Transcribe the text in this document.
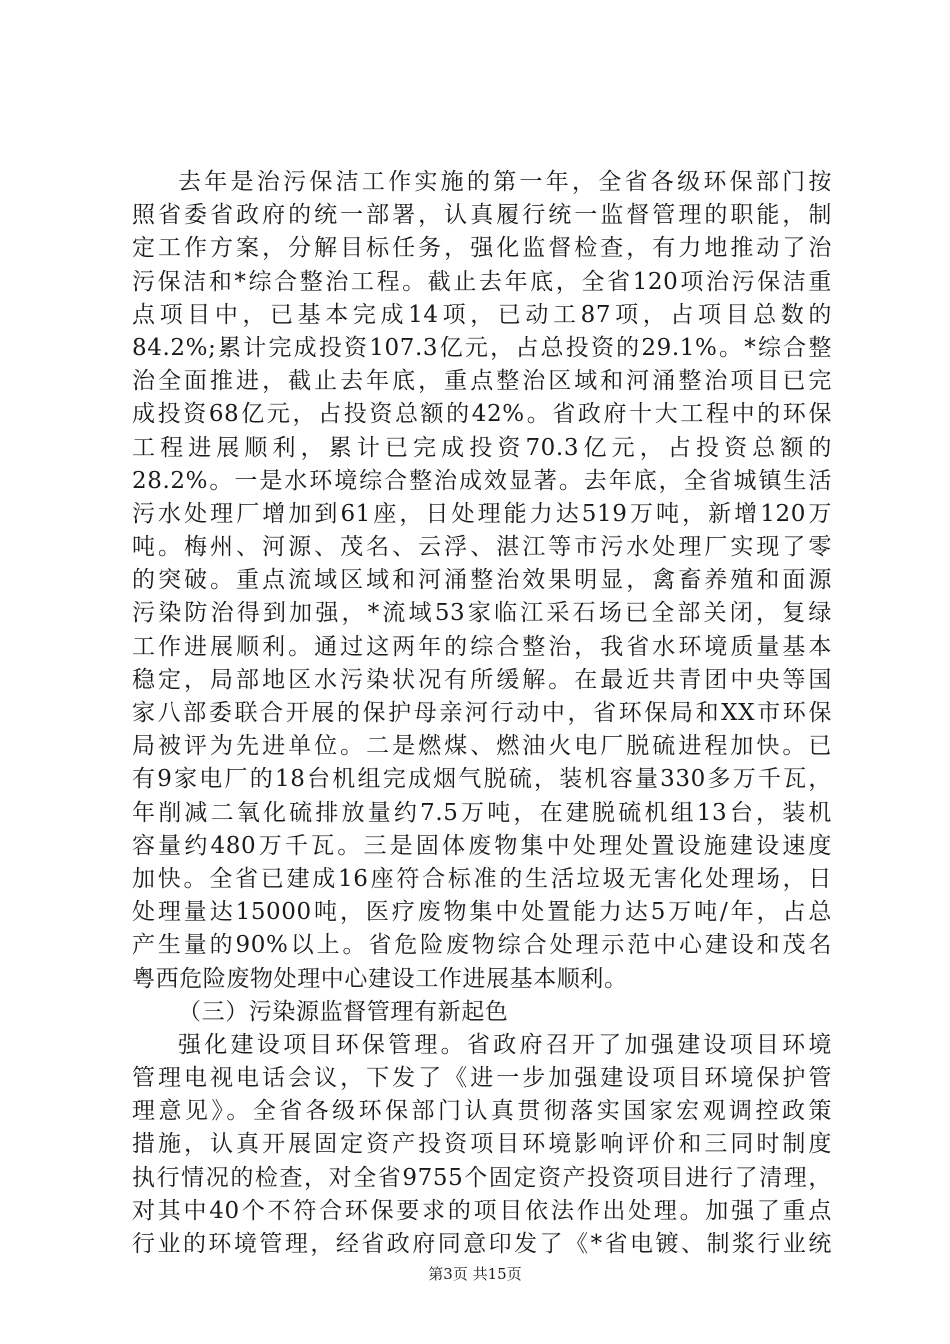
去年是治污保洁工作实施的第一年，全省各级环保部门按
照省委省政府的统一部署，认真履行统一监督管理的职能，制
定工作方案，分解目标任务，强化监督检查，有力地推动了治
污保洁和*综合整治工程。截止去年底，全省120项治污保洁重
点项目中，已基本完成14项，已动工87项，占项目总数的
84.2%;累计完成投资107.3亿元，占总投资的29.1%。*综合整
治全面推进，截止去年底，重点整治区域和河涌整治项目已完
成投资68亿元，占投资总额的42%。省政府十大工程中的环保
工程进展顺利，累计已完成投资70.3亿元，占投资总额的
28.2%。一是水环境综合整治成效显著。去年底，全省城镇生活
污水处理厂增加到61座，日处理能力达519万吨，新增120万
吨。梅州、河源、茂名、云浮、湛江等市污水处理厂实现了零
的突破。重点流域区域和河涌整治效果明显，禽畜养殖和面源
污染防治得到加强，*流域53家临江采石场已全部关闭，复绿
工作进展顺利。通过这两年的综合整治，我省水环境质量基本
稳定，局部地区水污染状况有所缓解。在最近共青团中央等国
家八部委联合开展的保护母亲河行动中，省环保局和XX市环保
局被评为先进单位。二是燃煤、燃油火电厂脱硫进程加快。已
有9家电厂的18台机组完成烟气脱硫，装机容量330多万千瓦，
年削减二氧化硫排放量约7.5万吨，在建脱硫机组13台，装机
容量约480万千瓦。三是固体废物集中处理处置设施建设速度
加快。全省已建成16座符合标准的生活垃圾无害化处理场，日
处理量达15000吨，医疗废物集中处置能力达5万吨/年，占总
产生量的90%以上。省危险废物综合处理示范中心建设和茂名
粤西危险废物处理中心建设工作进展基本顺利。
（三）污染源监督管理有新起色
强化建设项目环保管理。省政府召开了加强建设项目环境
管理电视电话会议，下发了《进一步加强建设项目环境保护管
理意见》。全省各级环保部门认真贯彻落实国家宏观调控政策
措施，认真开展固定资产投资项目环境影响评价和三同时制度
执行情况的检查，对全省9755个固定资产投资项目进行了清理，
对其中40个不符合环保要求的项目依法作出处理。加强了重点
行业的环境管理，经省政府同意印发了《*省电镀、制浆行业统
第3页 共15页
